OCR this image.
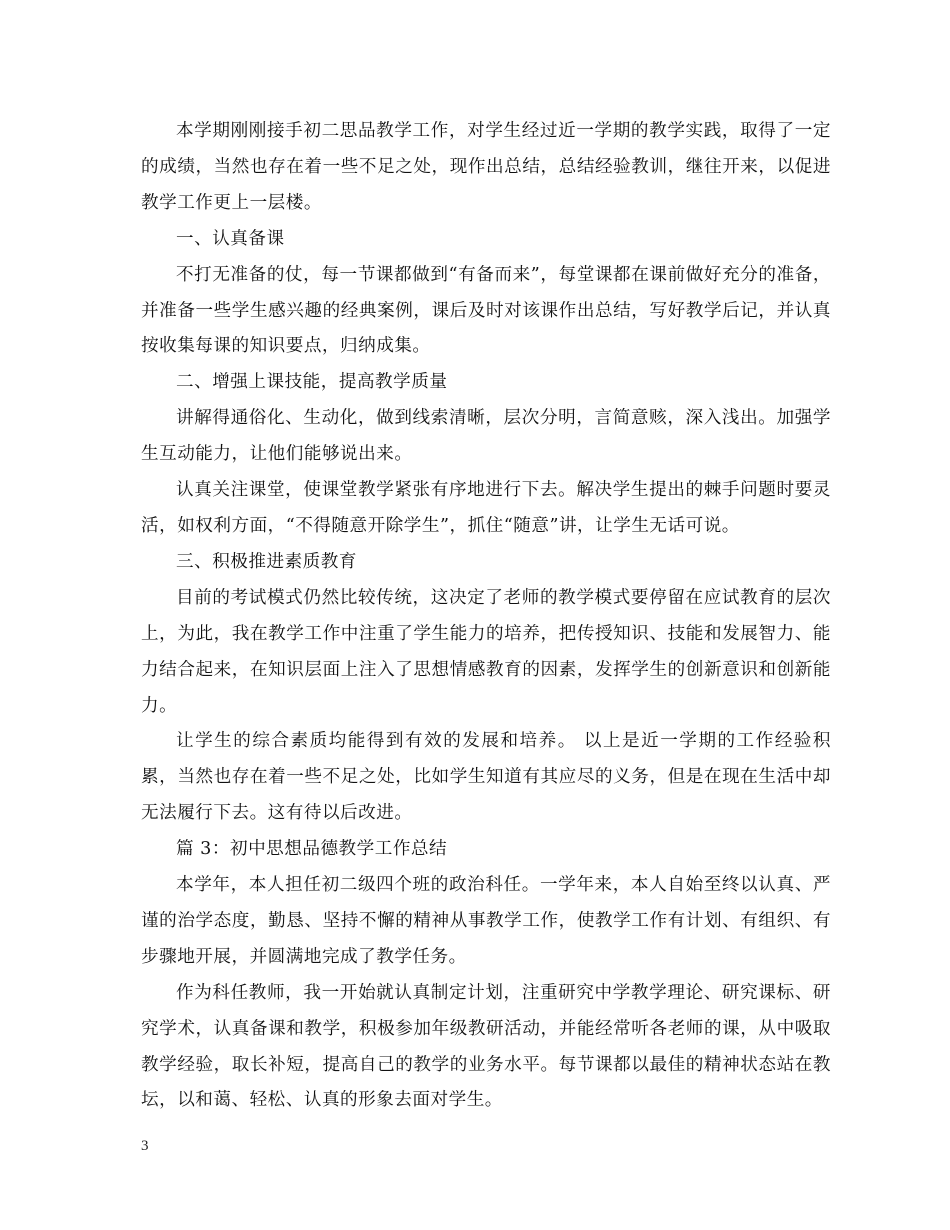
本学期刚刚接手初二思品教学工作，对学生经过近一学期的教学实践，取得了一定的成绩，当然也存在着一些不足之处，现作出总结，总结经验教训，继往开来，以促进教学工作更上一层楼。

一、认真备课

不打无准备的仗，每一节课都做到“有备而来”，每堂课都在课前做好充分的准备，并准备一些学生感兴趣的经典案例，课后及时对该课作出总结，写好教学后记，并认真按收集每课的知识要点，归纳成集。

二、增强上课技能，提高教学质量

讲解得通俗化、生动化，做到线索清晰，层次分明，言简意赅，深入浅出。加强学生互动能力，让他们能够说出来。

认真关注课堂，使课堂教学紧张有序地进行下去。解决学生提出的棘手问题时要灵活，如权利方面，“不得随意开除学生”，抓住“随意”讲，让学生无话可说。

三、积极推进素质教育

目前的考试模式仍然比较传统，这决定了老师的教学模式要停留在应试教育的层次上，为此，我在教学工作中注重了学生能力的培养，把传授知识、技能和发展智力、能力结合起来，在知识层面上注入了思想情感教育的因素，发挥学生的创新意识和创新能力。

让学生的综合素质均能得到有效的发展和培养。 以上是近一学期的工作经验积累，当然也存在着一些不足之处，比如学生知道有其应尽的义务，但是在现在生活中却无法履行下去。这有待以后改进。

篇 3：初中思想品德教学工作总结

本学年，本人担任初二级四个班的政治科任。一学年来，本人自始至终以认真、严谨的治学态度，勤恳、坚持不懈的精神从事教学工作，使教学工作有计划、有组织、有步骤地开展，并圆满地完成了教学任务。

作为科任教师，我一开始就认真制定计划，注重研究中学教学理论、研究课标、研究学术，认真备课和教学，积极参加年级教研活动，并能经常听各老师的课，从中吸取教学经验，取长补短，提高自己的教学的业务水平。每节课都以最佳的精神状态站在教坛，以和蔼、轻松、认真的形象去面对学生。

3
